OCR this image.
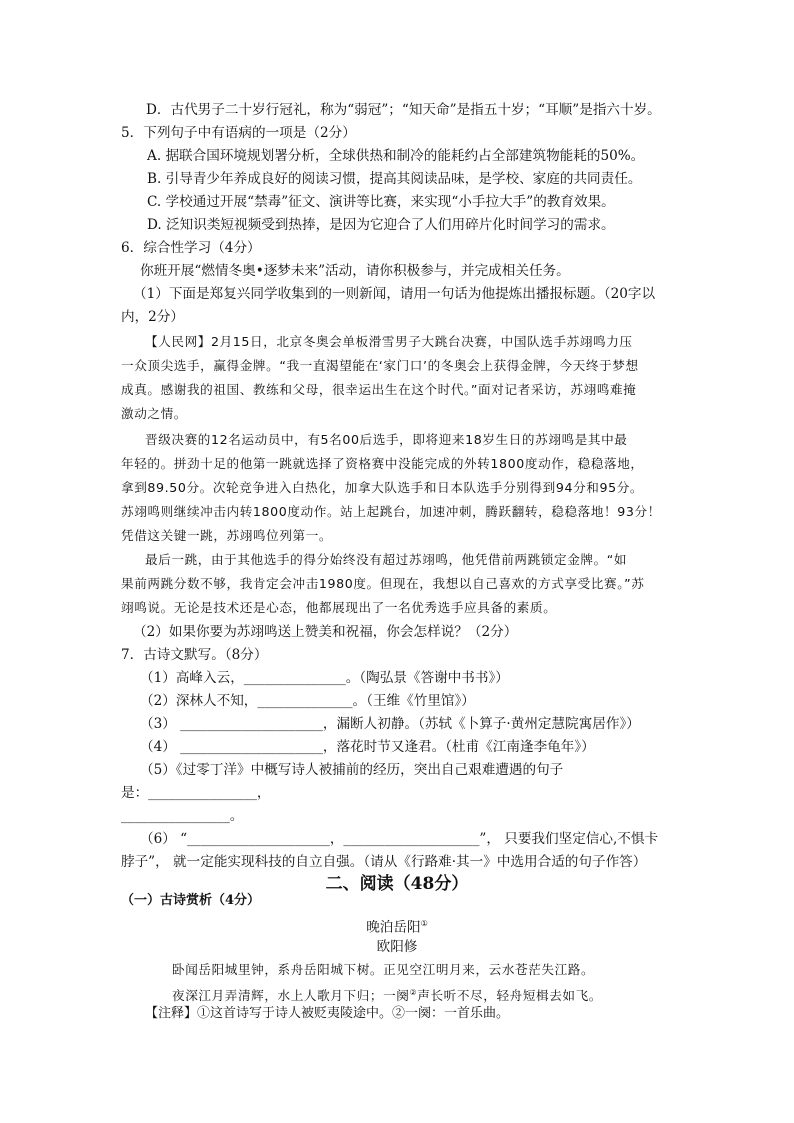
D．古代男子二十岁行冠礼，称为“弱冠”；“知天命”是指五十岁；“耳顺”是指六十岁。
5．下列句子中有语病的一项是（2分）
A. 据联合国环境规划署分析，全球供热和制冷的能耗约占全部建筑物能耗的50%。
B. 引导青少年养成良好的阅读习惯，提高其阅读品味，是学校、家庭的共同责任。
C. 学校通过开展“禁毒”征文、演讲等比赛，来实现“小手拉大手”的教育效果。
D. 泛知识类短视频受到热捧，是因为它迎合了人们用碎片化时间学习的需求。
6．综合性学习（4分）
你班开展“燃情冬奥•逐梦未来”活动，请你积极参与，并完成相关任务。
（1）下面是郑复兴同学收集到的一则新闻，请用一句话为他提炼出播报标题。（20字以
内，2分）
【人民网】2月15日，北京冬奥会单板滑雪男子大跳台决赛，中国队选手苏翊鸣力压
一众顶尖选手，赢得金牌。“我一直渴望能在‘家门口’的冬奥会上获得金牌，今天终于梦想
成真。感谢我的祖国、教练和父母，很幸运出生在这个时代。”面对记者采访，苏翊鸣难掩
激动之情。
晋级决赛的12名运动员中，有5名00后选手，即将迎来18岁生日的苏翊鸣是其中最
年轻的。拼劲十足的他第一跳就选择了资格赛中没能完成的外转1800度动作，稳稳落地，
拿到89.50分。次轮竞争进入白热化，加拿大队选手和日本队选手分别得到94分和95分。
苏翊鸣则继续冲击内转1800度动作。站上起跳台，加速冲刺，腾跃翻转，稳稳落地！93分！
凭借这关键一跳，苏翊鸣位列第一。
最后一跳，由于其他选手的得分始终没有超过苏翊鸣，他凭借前两跳锁定金牌。“如
果前两跳分数不够，我肯定会冲击1980度。但现在，我想以自己喜欢的方式享受比赛。”苏
翊鸣说。无论是技术还是心态，他都展现出了一名优秀选手应具备的素质。
（2）如果你要为苏翊鸣送上赞美和祝福，你会怎样说？（2分）
7．古诗文默写。（8分）
（1）高峰入云，_______________。（陶弘景《答谢中书书》）
（2）深林人不知，______________。（王维《竹里馆》）
（3） _____________________，漏断人初静。（苏轼《卜算子·黄州定慧院寓居作》）
（4） _____________________，落花时节又逢君。（杜甫《江南逢李龟年》）
（5）《过零丁洋》中概写诗人被捕前的经历，突出自己艰难遭遇的句子
是：________________，
________________。
（6） “_____________________，____________________”， 只要我们坚定信心,不惧卡
脖子”， 就一定能实现科技的自立自强。（请从《行路难·其一》中选用合适的句子作答）
二、阅读（48分）
（一）古诗赏析（4分）
晚泊岳阳①
欧阳修
卧闻岳阳城里钟，系舟岳阳城下树。正见空江明月来，云水苍茫失江路。
夜深江月弄清辉，水上人歌月下归；一阕②声长听不尽，轻舟短楫去如飞。
【注释】①这首诗写于诗人被贬夷陵途中。②一阕：一首乐曲。
